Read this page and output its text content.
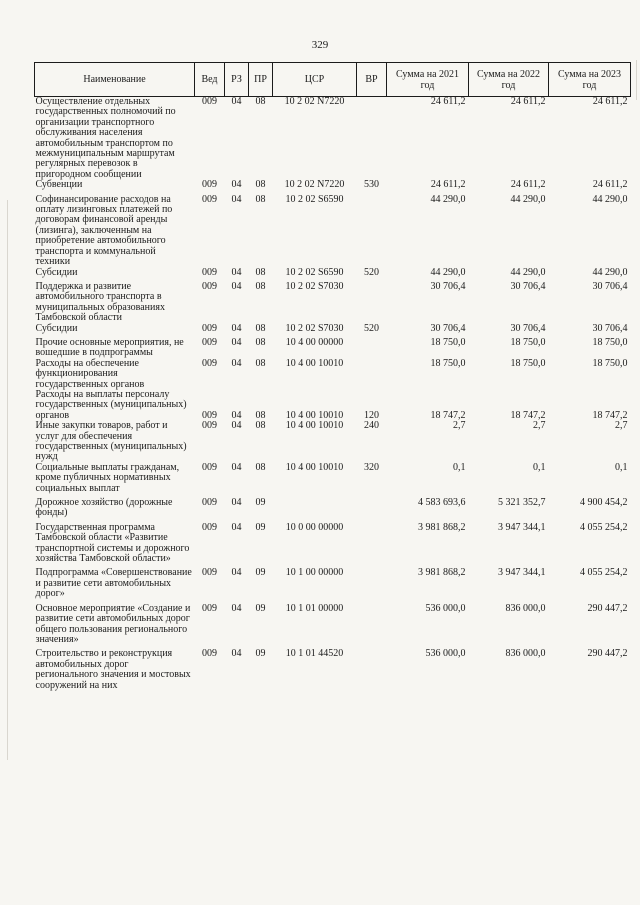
329
Наименование	Вед	РЗ	ПР	ЦСР	ВР	Сумма на 2021 год	Сумма на 2022 год	Сумма на 2023 год
Осуществление отдельных государственных полномочий по организации транспортного обслуживания населения автомобильным транспортом по межмуниципальным маршрутам регулярных перевозок в пригородном сообщении	009	04	08	10 2 02 N7220		24 611,2	24 611,2	24 611,2
Субвенции	009	04	08	10 2 02 N7220	530	24 611,2	24 611,2	24 611,2
Софинансирование расходов на оплату лизинговых платежей по договорам финансовой аренды (лизинга), заключенным на приобретение автомобильного транспорта и коммунальной техники	009	04	08	10 2 02 S6590		44 290,0	44 290,0	44 290,0
Субсидии	009	04	08	10 2 02 S6590	520	44 290,0	44 290,0	44 290,0
Поддержка и развитие автомобильного транспорта в муниципальных образованиях Тамбовской области	009	04	08	10 2 02 S7030		30 706,4	30 706,4	30 706,4
Субсидии	009	04	08	10 2 02 S7030	520	30 706,4	30 706,4	30 706,4
Прочие основные мероприятия, не вошедшие в подпрограммы	009	04	08	10 4 00 00000		18 750,0	18 750,0	18 750,0
Расходы на обеспечение функционирования государственных органов	009	04	08	10 4 00 10010		18 750,0	18 750,0	18 750,0
Расходы на выплаты персоналу государственных (муниципальных) органов	009	04	08	10 4 00 10010	120	18 747,2	18 747,2	18 747,2
Иные закупки товаров, работ и услуг для обеспечения государственных (муниципальных) нужд	009	04	08	10 4 00 10010	240	2,7	2,7	2,7
Социальные выплаты гражданам, кроме публичных нормативных социальных выплат	009	04	08	10 4 00 10010	320	0,1	0,1	0,1
Дорожное хозяйство (дорожные фонды)	009	04	09			4 583 693,6	5 321 352,7	4 900 454,2
Государственная программа Тамбовской области «Развитие транспортной системы и дорожного хозяйства Тамбовской области»	009	04	09	10 0 00 00000		3 981 868,2	3 947 344,1	4 055 254,2
Подпрограмма «Совершенствование и развитие сети автомобильных дорог»	009	04	09	10 1 00 00000		3 981 868,2	3 947 344,1	4 055 254,2
Основное мероприятие «Создание и развитие сети автомобильных дорог общего пользования регионального значения»	009	04	09	10 1 01 00000		536 000,0	836 000,0	290 447,2
Строительство и реконструкция автомобильных дорог регионального значения и мостовых сооружений на них	009	04	09	10 1 01 44520		536 000,0	836 000,0	290 447,2
